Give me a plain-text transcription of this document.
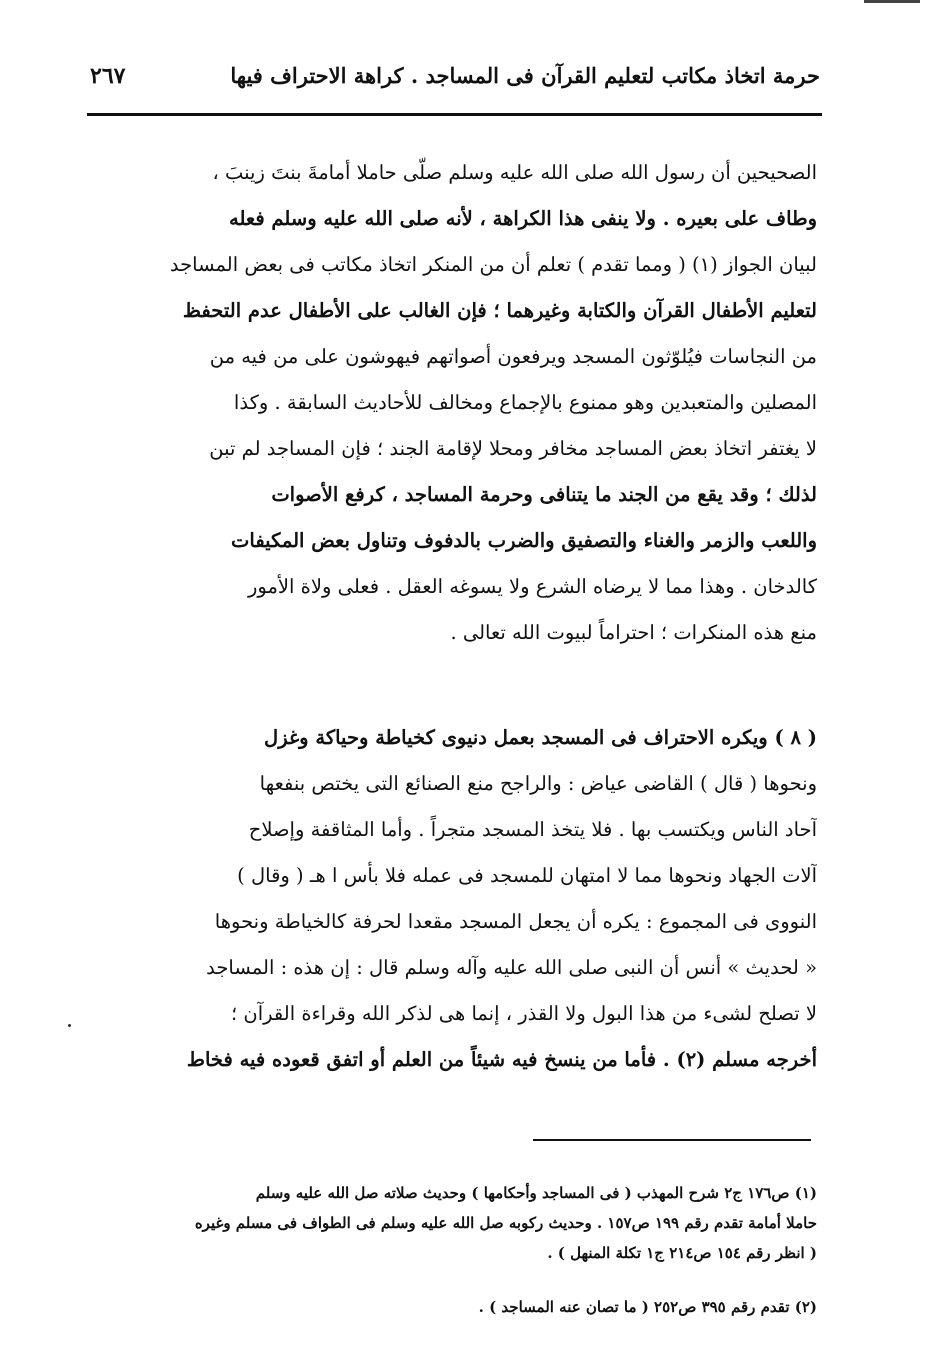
حرمة اتخاذ مكاتب لتعليم القرآن فى المساجد . كراهة الاحتراف فيها
٢٦٧
الصحيحين أن رسول الله صلى الله عليه وسلم صلّى حاملا أمامةَ بنتَ زينبَ ،
وطاف على بعيره . ولا ينفى هذا الكراهة ، لأنه صلى الله عليه وسلم فعله
لبيان الجواز (١) ( ومما تقدم ) تعلم أن من المنكر اتخاذ مكاتب فى بعض المساجد
لتعليم الأطفال القرآن والكتابة وغيرهما ؛ فإن الغالب على الأطفال عدم التحفظ
من النجاسات فيُلوّثون المسجد ويرفعون أصواتهم فيهوشون على من فيه من
المصلين والمتعبدين وهو ممنوع بالإجماع ومخالف للأحاديث السابقة . وكذا
لا يغتفر اتخاذ بعض المساجد مخافر ومحلا لإقامة الجند ؛ فإن المساجد لم تبن
لذلك ؛ وقد يقع من الجند ما يتنافى وحرمة المساجد ، كرفع الأصوات
واللعب والزمر والغناء والتصفيق والضرب بالدفوف وتناول بعض المكيفات
كالدخان . وهذا مما لا يرضاه الشرع ولا يسوغه العقل . فعلى ولاة الأمور
منع هذه المنكرات ؛ احتراماً لبيوت الله تعالى .
( ٨ ) ويكره الاحتراف فى المسجد بعمل دنيوى كخياطة وحياكة وغزل
ونحوها ( قال ) القاضى عياض : والراجح منع الصنائع التى يختص بنفعها
آحاد الناس ويكتسب بها . فلا يتخذ المسجد متجراً . وأما المثاقفة وإصلاح
آلات الجهاد ونحوها مما لا امتهان للمسجد فى عمله فلا بأس ا هـ ( وقال )
النووى فى المجموع : يكره أن يجعل المسجد مقعدا لحرفة كالخياطة ونحوها
« لحديث » أنس أن النبى صلى الله عليه وآله وسلم قال : إن هذه : المساجد
لا تصلح لشىء من هذا البول ولا القذر ، إنما هى لذكر الله وقراءة القرآن ؛
أخرجه مسلم (٢) . فأما من ينسخ فيه شيئاً من العلم أو اتفق قعوده فيه فخاط
(١) ص١٧٦ ج٢ شرح المهذب ( فى المساجد وأحكامها ) وحديث صلاته صل الله عليه وسلم
حاملا أمامة تقدم رقم ١٩٩ ص١٥٧ . وحديث ركوبه صل الله عليه وسلم فى الطواف فى مسلم وغيره
( انظر رقم ١٥٤ ص٢١٤ ج١ تكلة المنهل ) .
(٢) تقدم رقم ٣٩٥ ص٢٥٢ ( ما تصان عنه المساجد ) .
